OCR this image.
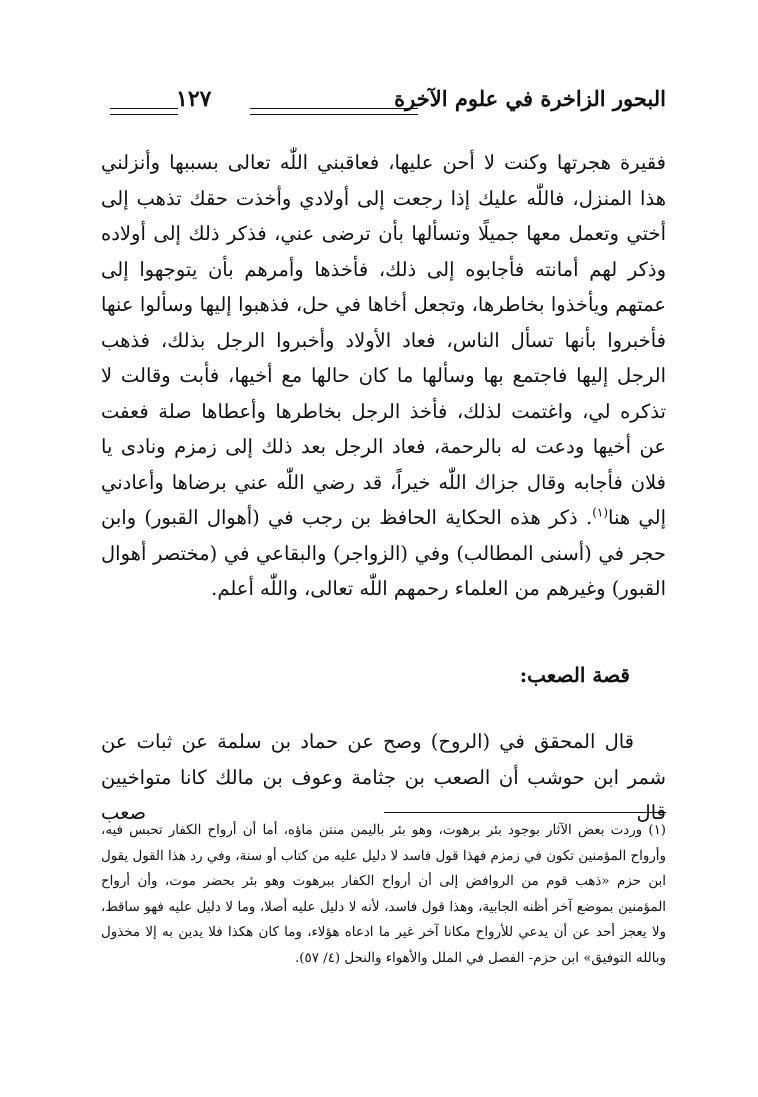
البحور الزاخرة في علوم الآخرة
١٢٧

فقيرة هجرتها وكنت لا أحن عليها، فعاقبني اللّٰه تعالى بسببها وأنزلني هذا المنزل، فاللّٰه عليك إذا رجعت إلى أولادي وأخذت حقك تذهب إلى أختي وتعمل معها جميلًا وتسألها بأن ترضى عني، فذكر ذلك إلى أولاده وذكر لهم أمانته فأجابوه إلى ذلك، فأخذها وأمرهم بأن يتوجهوا إلى عمتهم ويأخذوا بخاطرها، وتجعل أخاها في حل، فذهبوا إليها وسألوا عنها فأخبروا بأنها تسأل الناس، فعاد الأولاد وأخبروا الرجل بذلك، فذهب الرجل إليها فاجتمع بها وسألها ما كان حالها مع أخيها، فأبت وقالت لا تذكره لي، واغتمت لذلك، فأخذ الرجل بخاطرها وأعطاها صلة فعفت عن أخيها ودعت له بالرحمة، فعاد الرجل بعد ذلك إلى زمزم ونادى يا فلان فأجابه وقال جزاك اللّٰه خيراً، قد رضي اللّٰه عني برضاها وأعادني إلي هنا$^{(١)}$. ذكر هذه الحكاية الحافظ بن رجب في (أهوال القبور) وابن حجر في (أسنى المطالب) وفي (الزواجر) والبقاعي في (مختصر أهوال القبور) وغيرهم من العلماء رحمهم اللّٰه تعالى، واللّٰه أعلم.

قصة الصعب:

قال المحقق في (الروح) وصح عن حماد بن سلمة عن ثبات عن شمر ابن حوشب أن الصعب بن جثامة وعوف بن مالك كانا متواخيين قال صعب

(١) وردت بعض الآثار بوجود بئر برهوت، وهو بئر باليمن منتن ماؤه، أما أن أرواح الكفار تحبس فيه، وأرواح المؤمنين تكون في زمزم فهذا قول فاسد لا دليل عليه من كتاب أو سنة، وفي رد هذا القول يقول ابن حزم «ذهب قوم من الروافض إلى أن أرواح الكفار ببرهوت وهو بئر بحضر موت، وأن أرواح المؤمنين بموضع آخر أظنه الجابية، وهذا قول فاسد، لأنه لا دليل عليه أصلا، وما لا دليل عليه فهو ساقط، ولا يعجز أحد عن أن يدعي للأرواح مكانا آخر غير ما ادعاه هؤلاء، وما كان هكذا فلا يدين به إلا مخذول وبالله التوفيق» ابن حزم- الفصل في الملل والأهواء والنحل (٤/ ٥٧).
